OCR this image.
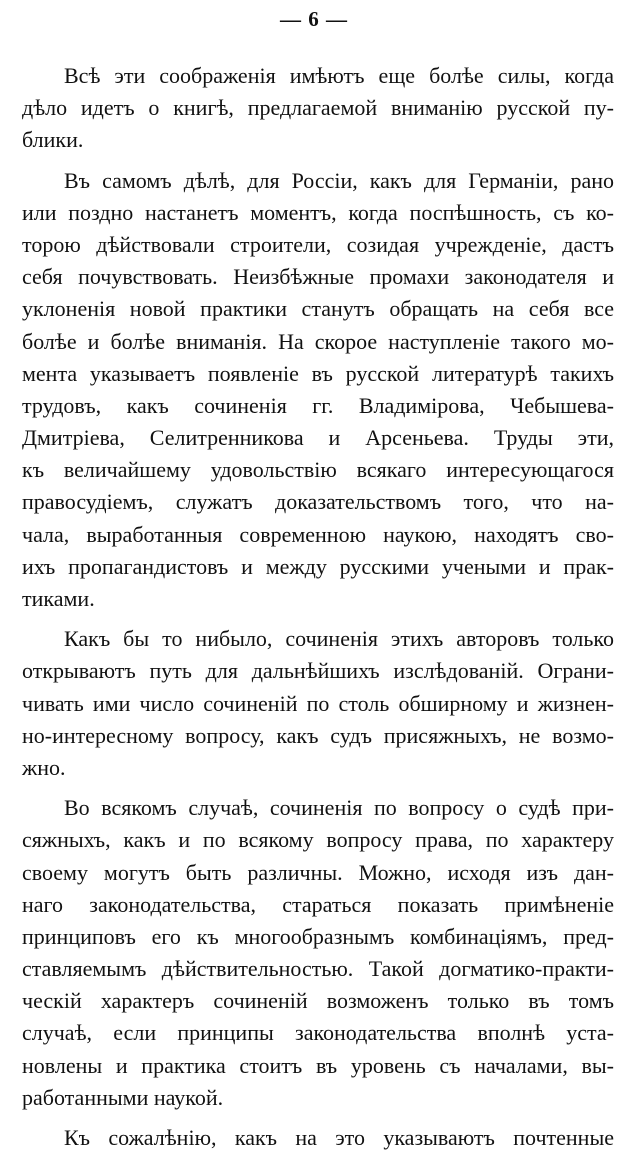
— 6 —
Всѣ эти соображенія имѣютъ еще болѣе силы, когда
дѣло идетъ о книгѣ, предлагаемой вниманію русской пу-
блики.
Въ самомъ дѣлѣ, для Россіи, какъ для Германіи, рано
или поздно настанетъ моментъ, когда поспѣшность, съ ко-
торою дѣйствовали строители, созидая учрежденіе, дастъ
себя почувствовать. Неизбѣжные промахи законодателя и
уклоненія новой практики станутъ обращать на себя все
болѣе и болѣе вниманія. На скорое наступленіе такого мо-
мента указываетъ появленіе въ русской литературѣ такихъ
трудовъ, какъ сочиненія гг. Владимірова, Чебышева-
Дмитріева, Селитренникова и Арсеньева. Труды эти,
къ величайшему удовольствію всякаго интересующагося
правосудіемъ, служатъ доказательствомъ того, что на-
чала, выработанныя современною наукою, находятъ сво-
ихъ пропагандистовъ и между русскими учеными и прак-
тиками.
Какъ бы то нибыло, сочиненія этихъ авторовъ только
открываютъ путь для дальнѣйшихъ изслѣдованій. Ограни-
чивать ими число сочиненій по столь обширному и жизнен-
но-интересному вопросу, какъ судъ присяжныхъ, не возмо-
жно.
Во всякомъ случаѣ, сочиненія по вопросу о судѣ при-
сяжныхъ, какъ и по всякому вопросу права, по характеру
своему могутъ быть различны. Можно, исходя изъ дан-
наго законодательства, стараться показать примѣненіе
принциповъ его къ многообразнымъ комбинаціямъ, пред-
ставляемымъ дѣйствительностью. Такой догматико-практи-
ческій характеръ сочиненій возможенъ только въ томъ
случаѣ, если принципы законодательства вполнѣ уста-
новлены и практика стоитъ въ уровень съ началами, вы-
работанными наукой.
Къ сожалѣнію, какъ на это указываютъ почтенные
